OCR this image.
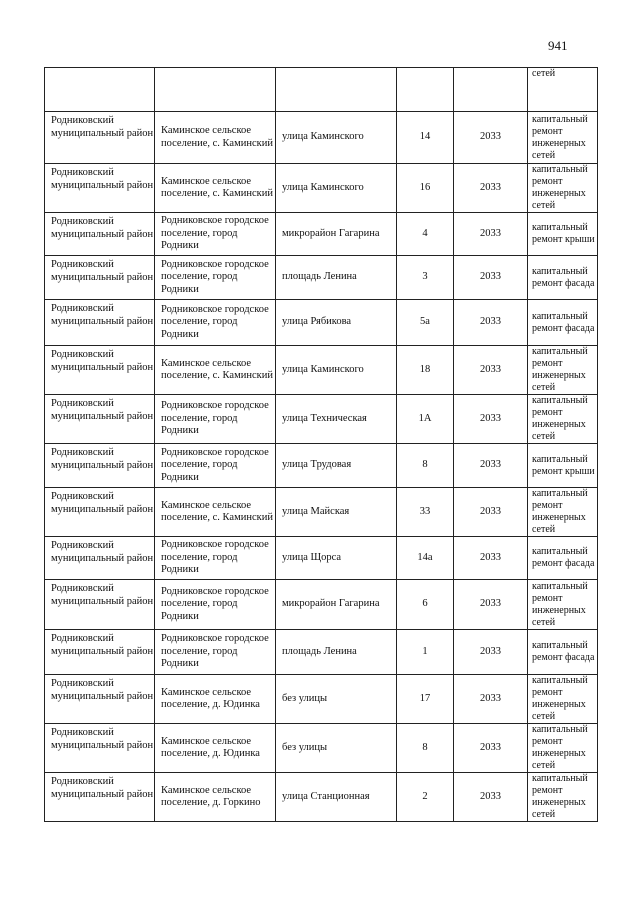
941
					сетей
Родниковский муниципальный район	Каминское сельское поселение, с. Каминский	улица Каминского	14	2033	капитальный ремонт инженерных сетей
Родниковский муниципальный район	Каминское сельское поселение, с. Каминский	улица Каминского	16	2033	капитальный ремонт инженерных сетей
Родниковский муниципальный район	Родниковское городское поселение, город Родники	микрорайон Гагарина	4	2033	капитальный ремонт крыши
Родниковский муниципальный район	Родниковское городское поселение, город Родники	площадь Ленина	3	2033	капитальный ремонт фасада
Родниковский муниципальный район	Родниковское городское поселение, город Родники	улица Рябикова	5а	2033	капитальный ремонт фасада
Родниковский муниципальный район	Каминское сельское поселение, с. Каминский	улица Каминского	18	2033	капитальный ремонт инженерных сетей
Родниковский муниципальный район	Родниковское городское поселение, город Родники	улица Техническая	1А	2033	капитальный ремонт инженерных сетей
Родниковский муниципальный район	Родниковское городское поселение, город Родники	улица Трудовая	8	2033	капитальный ремонт крыши
Родниковский муниципальный район	Каминское сельское поселение, с. Каминский	улица Майская	33	2033	капитальный ремонт инженерных сетей
Родниковский муниципальный район	Родниковское городское поселение, город Родники	улица Щорса	14а	2033	капитальный ремонт фасада
Родниковский муниципальный район	Родниковское городское поселение, город Родники	микрорайон Гагарина	6	2033	капитальный ремонт инженерных сетей
Родниковский муниципальный район	Родниковское городское поселение, город Родники	площадь Ленина	1	2033	капитальный ремонт фасада
Родниковский муниципальный район	Каминское сельское поселение, д. Юдинка	без улицы	17	2033	капитальный ремонт инженерных сетей
Родниковский муниципальный район	Каминское сельское поселение, д. Юдинка	без улицы	8	2033	капитальный ремонт инженерных сетей
Родниковский муниципальный район	Каминское сельское поселение, д. Горкино	улица Станционная	2	2033	капитальный ремонт инженерных сетей
